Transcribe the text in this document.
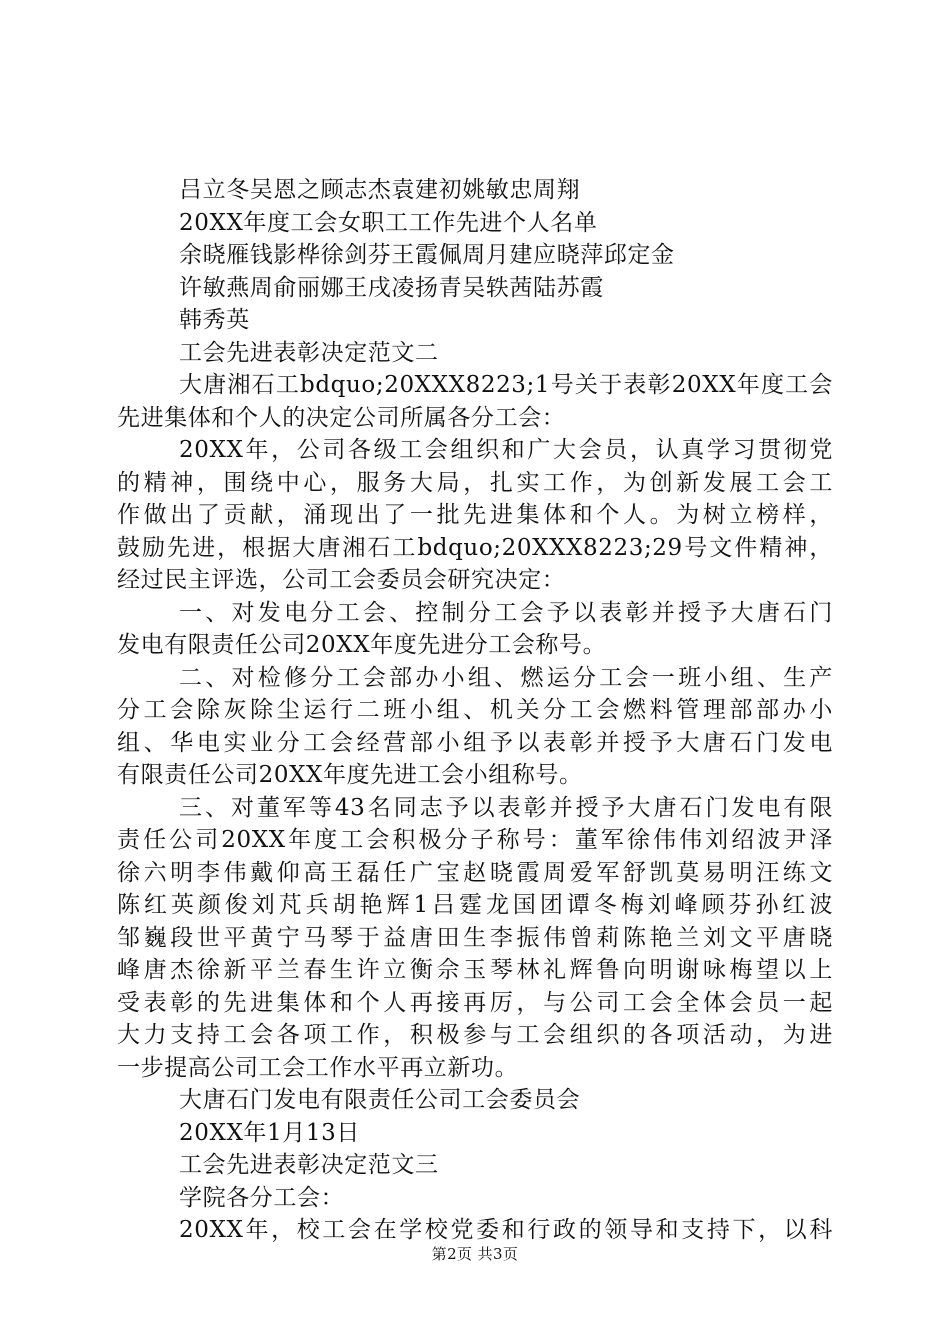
吕立冬吴恩之顾志杰袁建初姚敏忠周翔
20XX年度工会女职工工作先进个人名单
余晓雁钱影桦徐剑芬王霞佩周月建应晓萍邱定金
许敏燕周俞丽娜王戌凌扬青吴轶茜陆苏霞
韩秀英
工会先进表彰决定范文二
大唐湘石工bdquo;20XXX8223;1号关于表彰20XX年度工会
先进集体和个人的决定公司所属各分工会：
20XX年，公司各级工会组织和广大会员，认真学习贯彻党
的精神，围绕中心，服务大局，扎实工作，为创新发展工会工
作做出了贡献，涌现出了一批先进集体和个人。为树立榜样，
鼓励先进，根据大唐湘石工bdquo;20XXX8223;29号文件精神，
经过民主评选，公司工会委员会研究决定：
一、对发电分工会、控制分工会予以表彰并授予大唐石门
发电有限责任公司20XX年度先进分工会称号。
二、对检修分工会部办小组、燃运分工会一班小组、生产
分工会除灰除尘运行二班小组、机关分工会燃料管理部部办小
组、华电实业分工会经营部小组予以表彰并授予大唐石门发电
有限责任公司20XX年度先进工会小组称号。
三、对董军等43名同志予以表彰并授予大唐石门发电有限
责任公司20XX年度工会积极分子称号：董军徐伟伟刘绍波尹泽
徐六明李伟戴仰高王磊任广宝赵晓霞周爱军舒凯莫易明汪练文
陈红英颜俊刘芃兵胡艳辉1吕霆龙国团谭冬梅刘峰顾芬孙红波
邹巍段世平黄宁马琴于益唐田生李振伟曾莉陈艳兰刘文平唐晓
峰唐杰徐新平兰春生许立衡佘玉琴林礼辉鲁向明谢咏梅望以上
受表彰的先进集体和个人再接再厉，与公司工会全体会员一起
大力支持工会各项工作，积极参与工会组织的各项活动，为进
一步提高公司工会工作水平再立新功。
大唐石门发电有限责任公司工会委员会
20XX年1月13日
工会先进表彰决定范文三
学院各分工会：
20XX年，校工会在学校党委和行政的领导和支持下，以科
第2页 共3页
